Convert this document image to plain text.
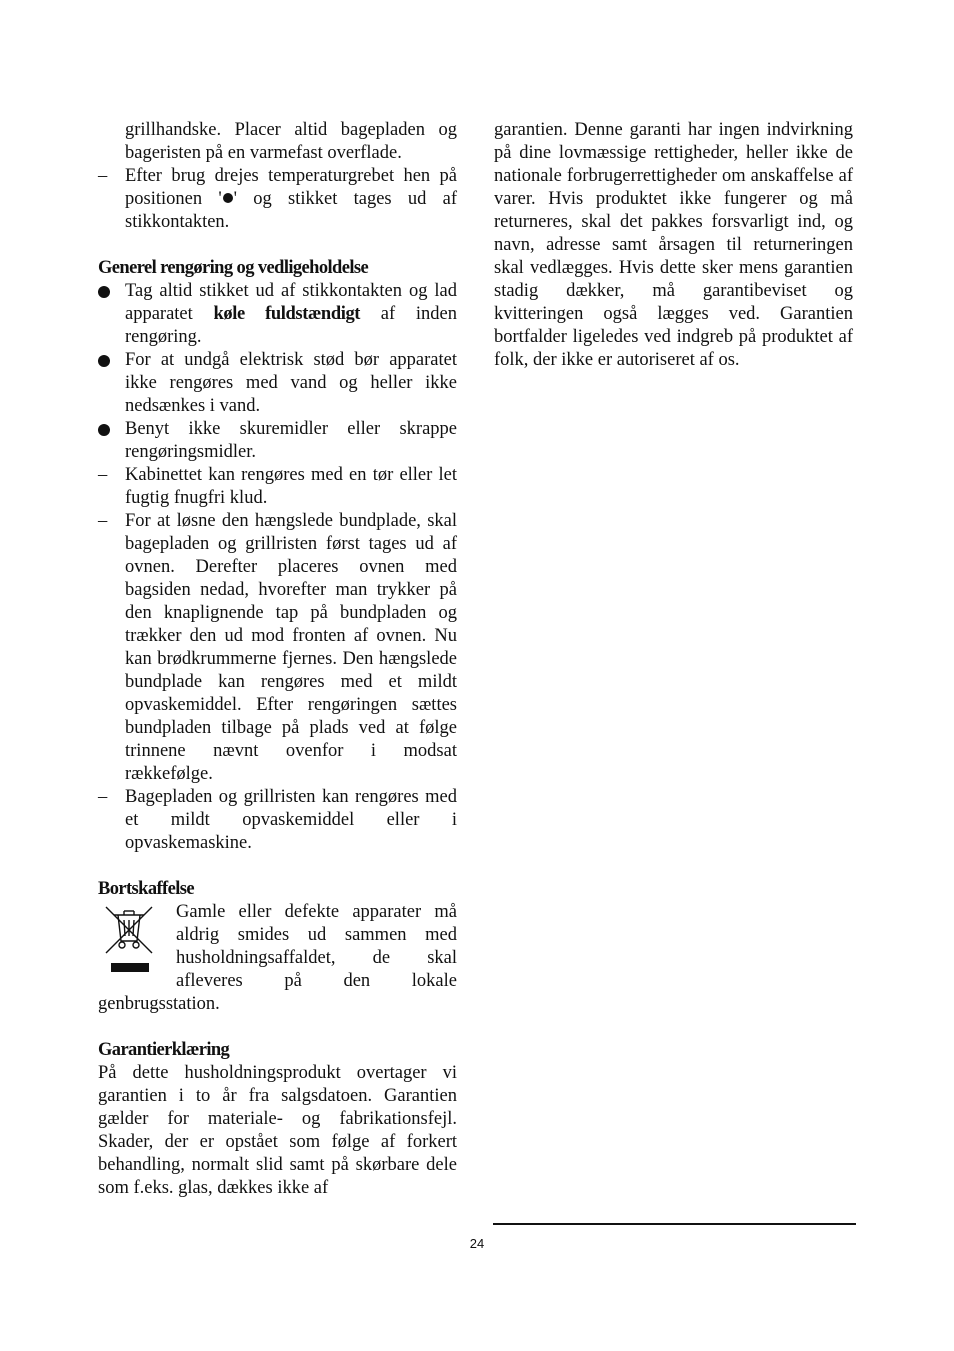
grillhandske. Placer altid bagepladen og bageristen på en varmefast overflade.

– Efter brug drejes temperaturgrebet hen på positionen ' ' og stikket tages ud af stikkontakten.

Generel rengøring og vedligeholdelse

Tag altid stikket ud af stikkontakten og lad apparatet køle fuldstændigt af inden rengøring.

For at undgå elektrisk stød bør apparatet ikke rengøres med vand og heller ikke nedsænkes i vand.

Benyt ikke skuremidler eller skrappe rengøringsmidler.

– Kabinettet kan rengøres med en tør eller let fugtig fnugfri klud.

– For at løsne den hængslede bundplade, skal bagepladen og grillristen først tages ud af ovnen. Derefter placeres ovnen med bagsiden nedad, hvorefter man trykker på den knaplignende tap på bundpladen og trækker den ud mod fronten af ovnen. Nu kan brødkrummerne fjernes. Den hængslede bundplade kan rengøres med et mildt opvaskemiddel. Efter rengøringen sættes bundpladen tilbage på plads ved at følge trinnene nævnt ovenfor i modsat rækkefølge.

– Bagepladen og grillristen kan rengøres med et mildt opvaskemiddel eller i opvaskemaskine.

Bortskaffelse

Gamle eller defekte apparater må aldrig smides ud sammen med husholdningsaffaldet, de skal afleveres på den lokale genbrugsstation.

Garantierklæring

På dette husholdningsprodukt overtager vi garantien i to år fra salgsdatoen. Garantien gælder for materiale- og fabrikationsfejl. Skader, der er opstået som følge af forkert behandling, normalt slid samt på skørbare dele som f.eks. glas, dækkes ikke af

garantien. Denne garanti har ingen indvirkning på dine lovmæssige rettigheder, heller ikke de nationale forbrugerrettigheder om anskaffelse af varer. Hvis produktet ikke fungerer og må returneres, skal det pakkes forsvarligt ind, og navn, adresse samt årsagen til returneringen skal vedlægges. Hvis dette sker mens garantien stadig dækker, må garantibeviset og kvitteringen også lægges ved. Garantien bortfalder ligeledes ved indgreb på produktet af folk, der ikke er autoriseret af os.

24
